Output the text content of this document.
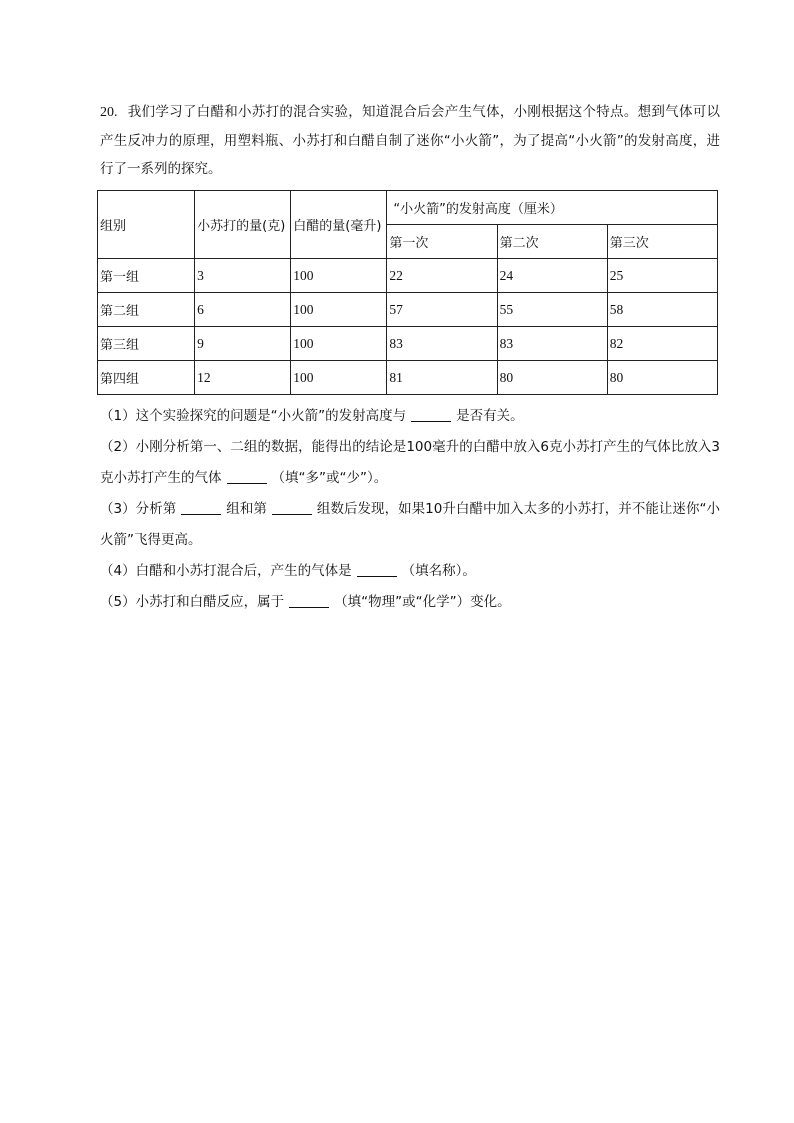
20. 我们学习了白醋和小苏打的混合实验，知道混合后会产生气体，小刚根据这个特点。想到气体可以产生反冲力的原理，用塑料瓶、小苏打和白醋自制了迷你“小火箭”，为了提高“小火箭”的发射高度，进行了一系列的探究。
组别	小苏打的量(克)	白醋的量(毫升)	“小火箭”的发射高度（厘米）		
			第一次	第二次	第三次
第一组	3	100	22	24	25
第二组	6	100	57	55	58
第三组	9	100	83	83	82
第四组	12	100	81	80	80
（1）这个实验探究的问题是“小火箭”的发射高度与	是否有关。
（2）小刚分析第一、二组的数据，能得出的结论是100毫升的白醋中放入6克小苏打产生的气体比放入3克小苏打产生的气体	（填“多”或“少”）。
（3）分析第	组和第	组数后发现，如果10升白醋中加入太多的小苏打，并不能让迷你“小火箭”飞得更高。
（4）白醋和小苏打混合后，产生的气体是	（填名称）。
（5）小苏打和白醋反应，属于	（填“物理”或“化学”）变化。
